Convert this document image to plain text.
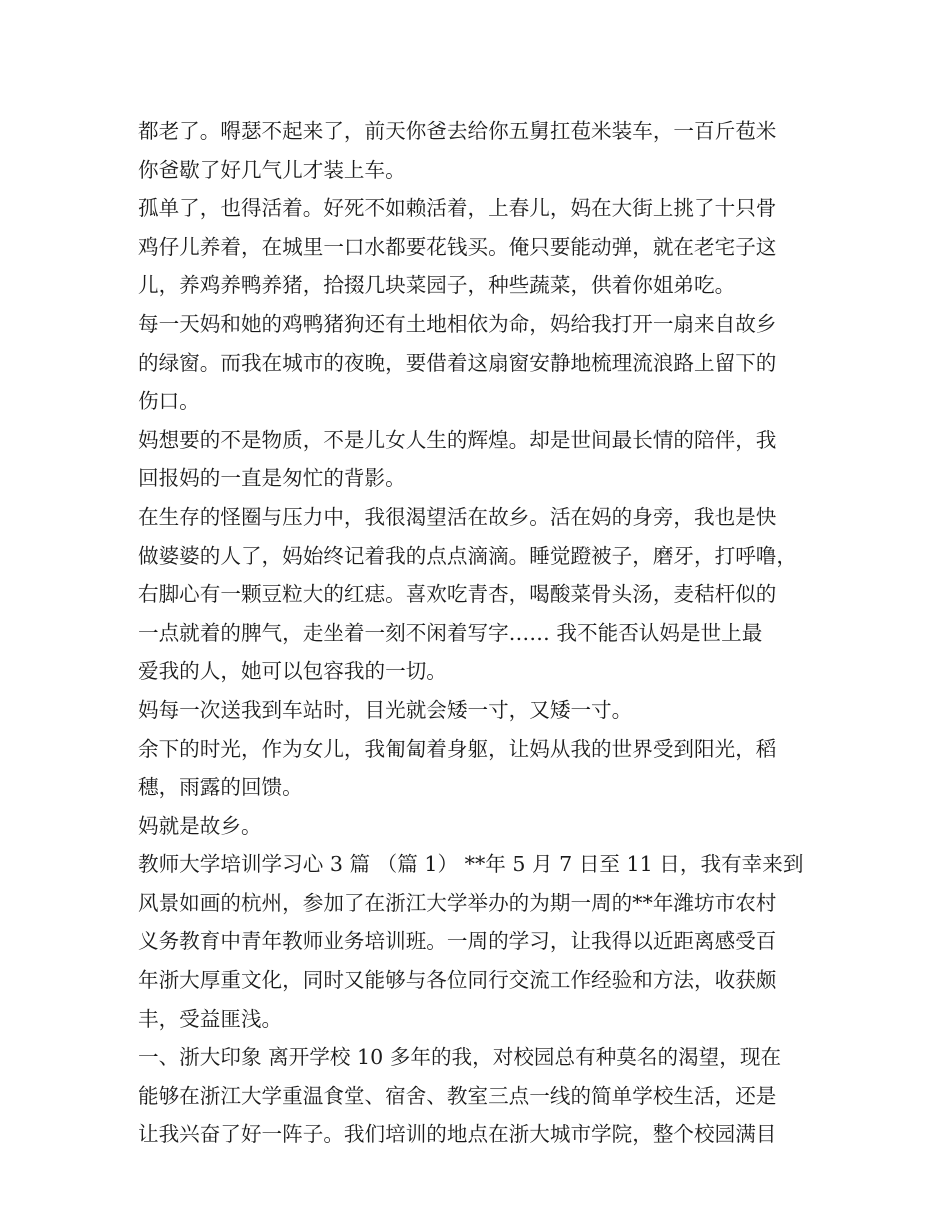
都老了。嘚瑟不起来了，前天你爸去给你五舅扛苞米装车，一百斤苞米
你爸歇了好几气儿才装上车。
孤单了，也得活着。好死不如赖活着，上春儿，妈在大街上挑了十只骨
鸡仔儿养着，在城里一口水都要花钱买。俺只要能动弹，就在老宅子这
儿，养鸡养鸭养猪，拾掇几块菜园子，种些蔬菜，供着你姐弟吃。
每一天妈和她的鸡鸭猪狗还有土地相依为命，妈给我打开一扇来自故乡
的绿窗。而我在城市的夜晚，要借着这扇窗安静地梳理流浪路上留下的
伤口。
妈想要的不是物质，不是儿女人生的辉煌。却是世间最长情的陪伴，我
回报妈的一直是匆忙的背影。
在生存的怪圈与压力中，我很渴望活在故乡。活在妈的身旁，我也是快
做婆婆的人了，妈始终记着我的点点滴滴。睡觉蹬被子，磨牙，打呼噜，
右脚心有一颗豆粒大的红痣。喜欢吃青杏，喝酸菜骨头汤，麦秸杆似的
一点就着的脾气，走坐着一刻不闲着写字…… 我不能否认妈是世上最
爱我的人，她可以包容我的一切。
妈每一次送我到车站时，目光就会矮一寸，又矮一寸。
余下的时光，作为女儿，我匍匐着身躯，让妈从我的世界受到阳光，稻
穗，雨露的回馈。
妈就是故乡。
教师大学培训学习心 3 篇 （篇 1） **年 5 月 7 日至 11 日，我有幸来到
风景如画的杭州，参加了在浙江大学举办的为期一周的**年潍坊市农村
义务教育中青年教师业务培训班。一周的学习，让我得以近距离感受百
年浙大厚重文化，同时又能够与各位同行交流工作经验和方法，收获颇
丰，受益匪浅。
一、浙大印象 离开学校 10 多年的我，对校园总有种莫名的渴望，现在
能够在浙江大学重温食堂、宿舍、教室三点一线的简单学校生活，还是
让我兴奋了好一阵子。我们培训的地点在浙大城市学院，整个校园满目
